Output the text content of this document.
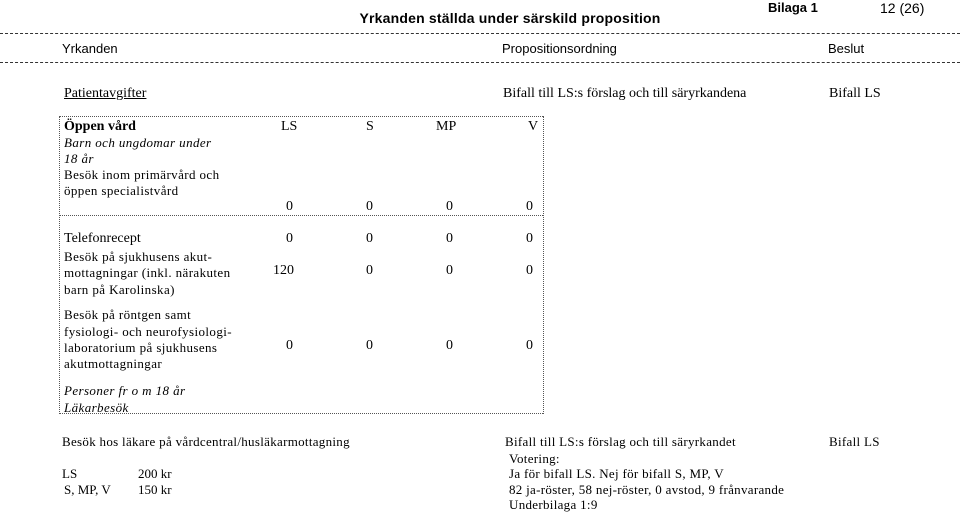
Yrkanden ställda under särskild proposition
Bilaga 1	12 (26)
Yrkanden	Propositionsordning	Beslut
Patientavgifter	Bifall till LS:s förslag och till säryrkandena	Bifall LS
Öppen vård	LS	S	MP	V
Barn och ungdomar under
18 år
Besök inom primärvård och
öppen specialistvård
0	0	0	0
Telefonrecept	0	0	0	0
Besök på sjukhusens akut-
mottagningar (inkl. närakuten
barn på Karolinska)
120	0	0	0
Besök på röntgen samt
fysiologi- och neurofysiologi-
laboratorium på sjukhusens
akutmottagningar
0	0	0	0
Personer fr o m 18 år
Läkarbesök
Besök hos läkare på vårdcentral/husläkarmottagning	Bifall till LS:s förslag och till säryrkandet	Bifall LS
Votering:
LS	200 kr	Ja för bifall LS. Nej för bifall S, MP, V
S, MP, V 150 kr	82 ja-röster, 58 nej-röster, 0 avstod, 9 frånvarande
Underbilaga 1:9
